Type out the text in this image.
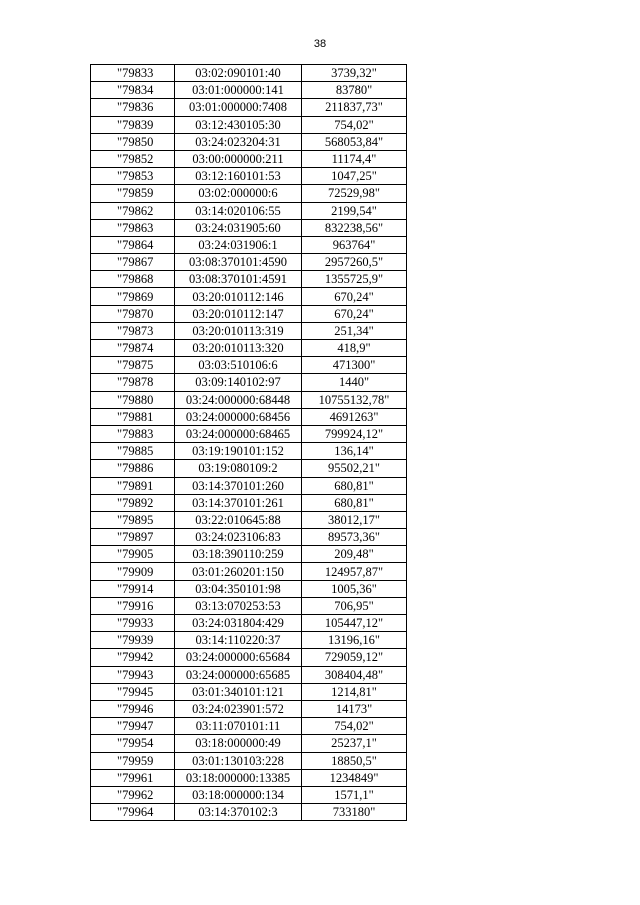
38
"79833	03:02:090101:40	3739,32"
"79834	03:01:000000:141	83780"
"79836	03:01:000000:7408	211837,73"
"79839	03:12:430105:30	754,02"
"79850	03:24:023204:31	568053,84"
"79852	03:00:000000:211	11174,4"
"79853	03:12:160101:53	1047,25"
"79859	03:02:000000:6	72529,98"
"79862	03:14:020106:55	2199,54"
"79863	03:24:031905:60	832238,56"
"79864	03:24:031906:1	963764"
"79867	03:08:370101:4590	2957260,5"
"79868	03:08:370101:4591	1355725,9"
"79869	03:20:010112:146	670,24"
"79870	03:20:010112:147	670,24"
"79873	03:20:010113:319	251,34"
"79874	03:20:010113:320	418,9"
"79875	03:03:510106:6	471300"
"79878	03:09:140102:97	1440"
"79880	03:24:000000:68448	10755132,78"
"79881	03:24:000000:68456	4691263"
"79883	03:24:000000:68465	799924,12"
"79885	03:19:190101:152	136,14"
"79886	03:19:080109:2	95502,21"
"79891	03:14:370101:260	680,81"
"79892	03:14:370101:261	680,81"
"79895	03:22:010645:88	38012,17"
"79897	03:24:023106:83	89573,36"
"79905	03:18:390110:259	209,48"
"79909	03:01:260201:150	124957,87"
"79914	03:04:350101:98	1005,36"
"79916	03:13:070253:53	706,95"
"79933	03:24:031804:429	105447,12"
"79939	03:14:110220:37	13196,16"
"79942	03:24:000000:65684	729059,12"
"79943	03:24:000000:65685	308404,48"
"79945	03:01:340101:121	1214,81"
"79946	03:24:023901:572	14173"
"79947	03:11:070101:11	754,02"
"79954	03:18:000000:49	25237,1"
"79959	03:01:130103:228	18850,5"
"79961	03:18:000000:13385	1234849"
"79962	03:18:000000:134	1571,1"
"79964	03:14:370102:3	733180"
